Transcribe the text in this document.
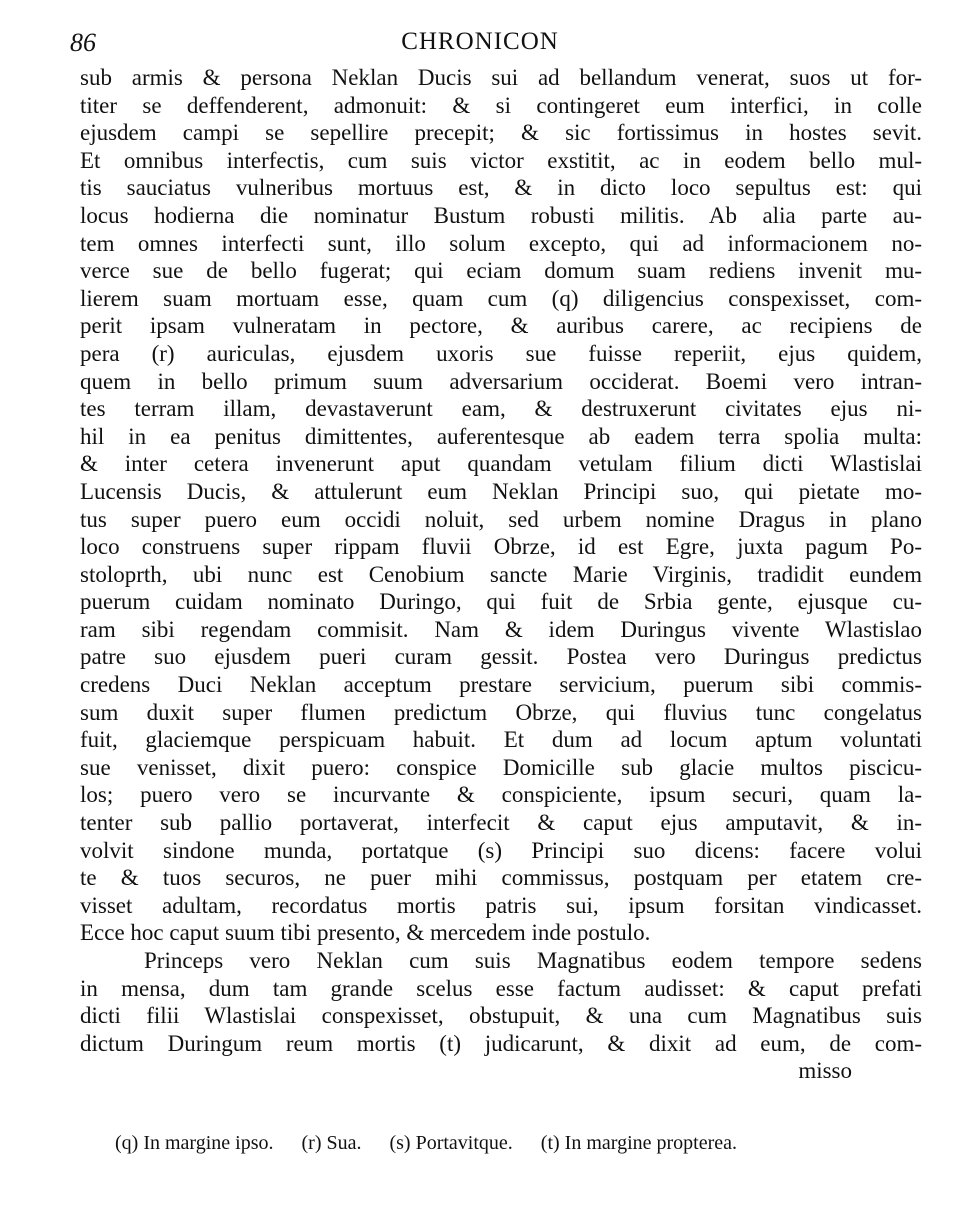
86	CHRONICON
sub armis & persona Neklan Ducis sui ad bellandum venerat, suos ut for-
titer se deffenderent, admonuit: & si contingeret eum interfici, in colle
ejusdem campi se sepellire precepit; & sic fortissimus in hostes sevit.
Et omnibus interfectis, cum suis victor exstitit, ac in eodem bello mul-
tis sauciatus vulneribus mortuus est, & in dicto loco sepultus est: qui
locus hodierna die nominatur Bustum robusti militis. Ab alia parte au-
tem omnes interfecti sunt, illo solum excepto, qui ad informacionem no-
verce sue de bello fugerat; qui eciam domum suam rediens invenit mu-
lierem suam mortuam esse, quam cum (q) diligencius conspexisset, com-
perit ipsam vulneratam in pectore, & auribus carere, ac recipiens de
pera (r) auriculas, ejusdem uxoris sue fuisse reperiit, ejus quidem,
quem in bello primum suum adversarium occiderat. Boemi vero intran-
tes terram illam, devastaverunt eam, & destruxerunt civitates ejus ni-
hil in ea penitus dimittentes, auferentesque ab eadem terra spolia multa:
& inter cetera invenerunt aput quandam vetulam filium dicti Wlastislai
Lucensis Ducis, & attulerunt eum Neklan Principi suo, qui pietate mo-
tus super puero eum occidi noluit, sed urbem nomine Dragus in plano
loco construens super rippam fluvii Obrze, id est Egre, juxta pagum Po-
stoloprth, ubi nunc est Cenobium sancte Marie Virginis, tradidit eundem
puerum cuidam nominato Duringo, qui fuit de Srbia gente, ejusque cu-
ram sibi regendam commisit. Nam & idem Duringus vivente Wlastislao
patre suo ejusdem pueri curam gessit. Postea vero Duringus predictus
credens Duci Neklan acceptum prestare servicium, puerum sibi commis-
sum duxit super flumen predictum Obrze, qui fluvius tunc congelatus
fuit, glaciemque perspicuam habuit. Et dum ad locum aptum voluntati
sue venisset, dixit puero: conspice Domicille sub glacie multos piscicu-
los; puero vero se incurvante & conspiciente, ipsum securi, quam la-
tenter sub pallio portaverat, interfecit & caput ejus amputavit, & in-
volvit sindone munda, portatque (s) Principi suo dicens: facere volui
te & tuos securos, ne puer mihi commissus, postquam per etatem cre-
visset adultam, recordatus mortis patris sui, ipsum forsitan vindicasset.
Ecce hoc caput suum tibi presento, & mercedem inde postulo.
Princeps vero Neklan cum suis Magnatibus eodem tempore sedens
in mensa, dum tam grande scelus esse factum audisset: & caput prefati
dicti filii Wlastislai conspexisset, obstupuit, & una cum Magnatibus suis
dictum Duringum reum mortis (t) judicarunt, & dixit ad eum, de com-
misso
(q) In margine ipso. (r) Sua. (s) Portavitque. (t) In margine propterea.
